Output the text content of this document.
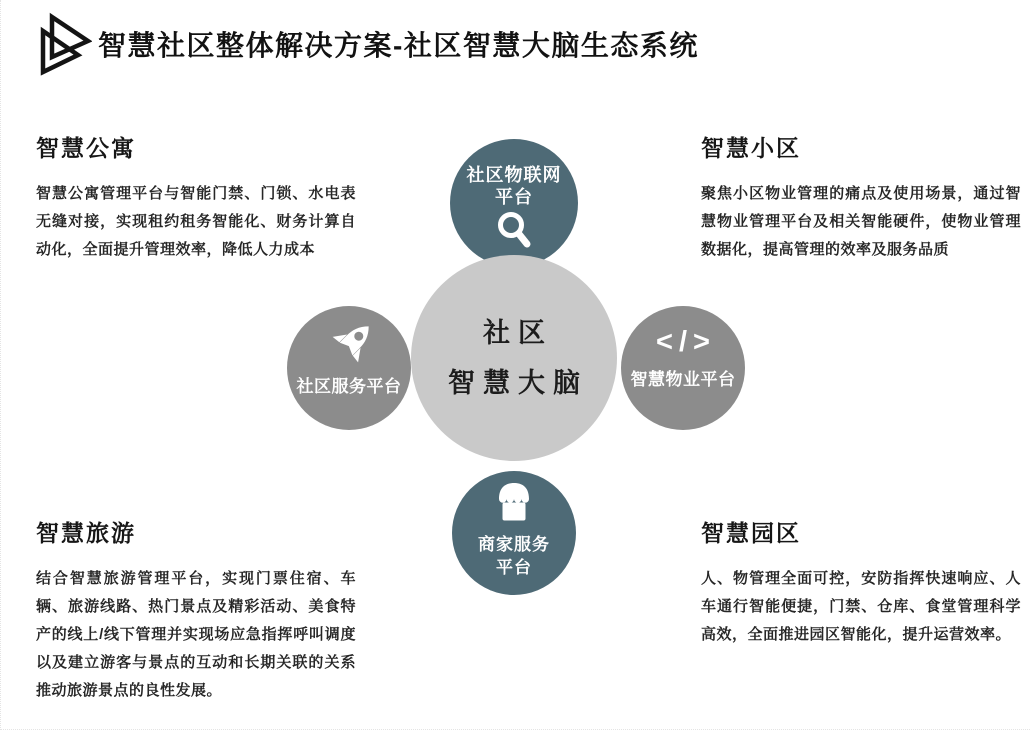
智慧社区整体解决方案-社区智慧大脑生态系统
智慧公寓

智慧公寓管理平台与智能门禁、门锁、水电表无缝对接，实现租约租务智能化、财务计算自动化，全面提升管理效率，降低人力成本

智慧小区

聚焦小区物业管理的痛点及使用场景，通过智慧物业管理平台及相关智能硬件，使物业管理数据化，提高管理的效率及服务品质

智慧旅游

结合智慧旅游管理平台，实现门票住宿、车辆、旅游线路、热门景点及精彩活动、美食特产的线上/线下管理并实现场应急指挥呼叫调度以及建立游客与景点的互动和长期关联的关系推动旅游景点的良性发展。

智慧园区

人、物管理全面可控，安防指挥快速响应、人车通行智能便捷，门禁、仓库、食堂管理科学高效，全面推进园区智能化，提升运营效率。

社区物联网
平台
社区服务平台
</>
智慧物业平台
商家服务
平台
社区
智慧大脑
